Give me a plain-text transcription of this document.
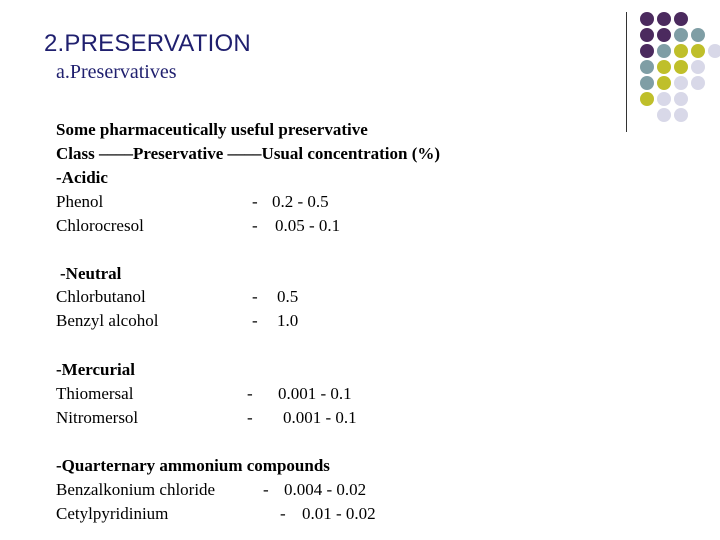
2.PRESERVATION
a.Preservatives
Some pharmaceutically useful preservative
Class ––––Preservative ––––Usual concentration (%)
-Acidic
Phenol	- 0.2 - 0.5
Chlorocresol	- 0.05 - 0.1
-Neutral
Chlorbutanol	- 0.5
Benzyl alcohol	- 1.0
-Mercurial
Thiomersal	- 0.001 - 0.1
Nitromersol	- 0.001 - 0.1
-Quarternary ammonium compounds
Benzalkonium chloride	- 0.004 - 0.02
Cetylpyridinium	- 0.01 - 0.02
